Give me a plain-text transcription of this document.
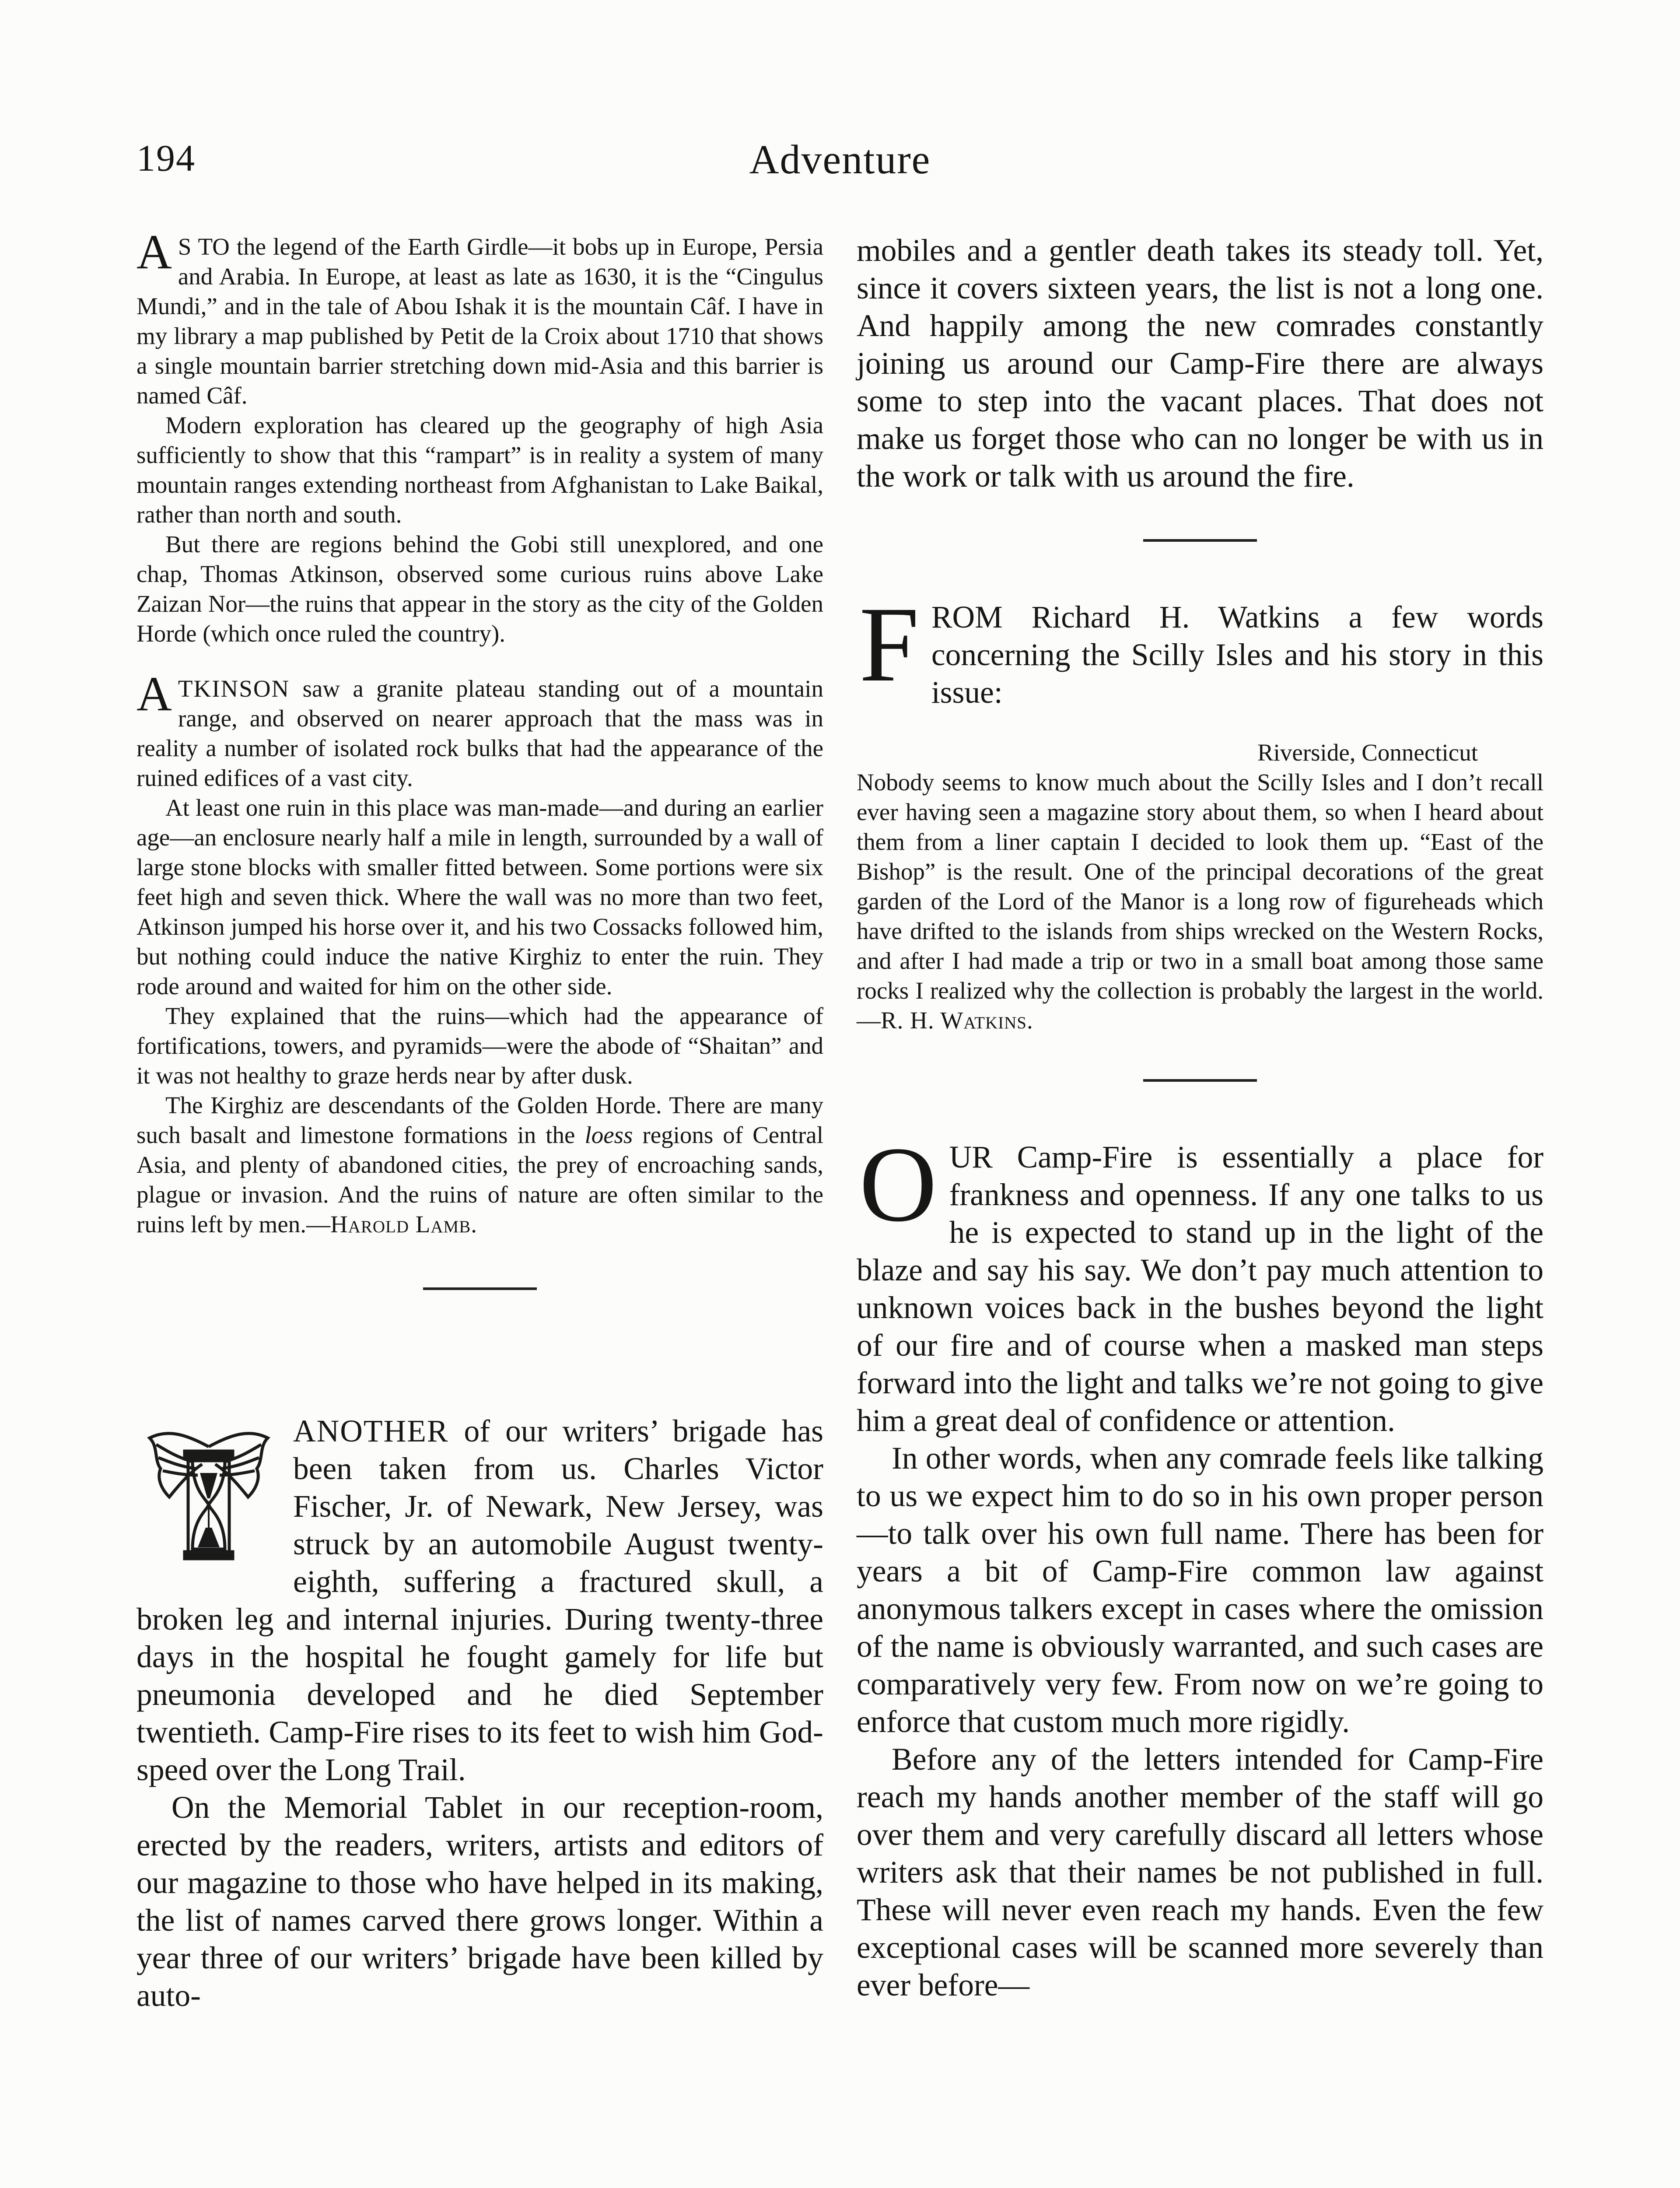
194	Adventure

A S TO the legend of the Earth Girdle—it bobs up in Europe, Persia and Arabia. In Europe, at least as late as 1630, it is the “Cingulus Mundi,” and in the tale of Abou Ishak it is the mountain Câf. I have in my library a map published by Petit de la Croix about 1710 that shows a single mountain barrier stretching down mid-Asia and this barrier is named Câf.

Modern exploration has cleared up the geography of high Asia sufficiently to show that this “rampart” is in reality a system of many mountain ranges extending northeast from Afghanistan to Lake Baikal, rather than north and south.

But there are regions behind the Gobi still unexplored, and one chap, Thomas Atkinson, observed some curious ruins above Lake Zaizan Nor—the ruins that appear in the story as the city of the Golden Horde (which once ruled the country).

ATKINSON saw a granite plateau standing out of a mountain range, and observed on nearer approach that the mass was in reality a number of isolated rock bulks that had the appearance of the ruined edifices of a vast city.

At least one ruin in this place was man-made—and during an earlier age—an enclosure nearly half a mile in length, surrounded by a wall of large stone blocks with smaller fitted between. Some portions were six feet high and seven thick. Where the wall was no more than two feet, Atkinson jumped his horse over it, and his two Cossacks followed him, but nothing could induce the native Kirghiz to enter the ruin. They rode around and waited for him on the other side.

They explained that the ruins—which had the appearance of fortifications, towers, and pyramids—were the abode of “Shaitan” and it was not healthy to graze herds near by after dusk.

The Kirghiz are descendants of the Golden Horde. There are many such basalt and limestone formations in the loess regions of Central Asia, and plenty of abandoned cities, the prey of encroaching sands, plague or invasion. And the ruins of nature are often similar to the ruins left by men.—Harold Lamb.

ANOTHER of our writers’ brigade has been taken from us. Charles Victor Fischer, Jr. of Newark, New Jersey, was struck by an automobile August twenty-eighth, suffering a fractured skull, a broken leg and internal injuries. During twenty-three days in the hospital he fought gamely for life but pneumonia developed and he died September twentieth. Camp-Fire rises to its feet to wish him God-speed over the Long Trail.

On the Memorial Tablet in our reception-room, erected by the readers, writers, artists and editors of our magazine to those who have helped in its making, the list of names carved there grows longer. Within a year three of our writers’ brigade have been killed by auto-

mobiles and a gentler death takes its steady toll. Yet, since it covers sixteen years, the list is not a long one. And happily among the new comrades constantly joining us around our Camp-Fire there are always some to step into the vacant places. That does not make us forget those who can no longer be with us in the work or talk with us around the fire.

FROM Richard H. Watkins a few words concerning the Scilly Isles and his story in this issue:

Riverside, Connecticut

Nobody seems to know much about the Scilly Isles and I don’t recall ever having seen a magazine story about them, so when I heard about them from a liner captain I decided to look them up. “East of the Bishop” is the result. One of the principal decorations of the great garden of the Lord of the Manor is a long row of figureheads which have drifted to the islands from ships wrecked on the Western Rocks, and after I had made a trip or two in a small boat among those same rocks I realized why the collection is probably the largest in the world.—R. H. Watkins.

OUR Camp-Fire is essentially a place for frankness and openness. If any one talks to us he is expected to stand up in the light of the blaze and say his say. We don’t pay much attention to unknown voices back in the bushes beyond the light of our fire and of course when a masked man steps forward into the light and talks we’re not going to give him a great deal of confidence or attention.

In other words, when any comrade feels like talking to us we expect him to do so in his own proper person—to talk over his own full name. There has been for years a bit of Camp-Fire common law against anonymous talkers except in cases where the omission of the name is obviously warranted, and such cases are comparatively very few. From now on we’re going to enforce that custom much more rigidly.

Before any of the letters intended for Camp-Fire reach my hands another member of the staff will go over them and very carefully discard all letters whose writers ask that their names be not published in full. These will never even reach my hands. Even the few exceptional cases will be scanned more severely than ever before—
